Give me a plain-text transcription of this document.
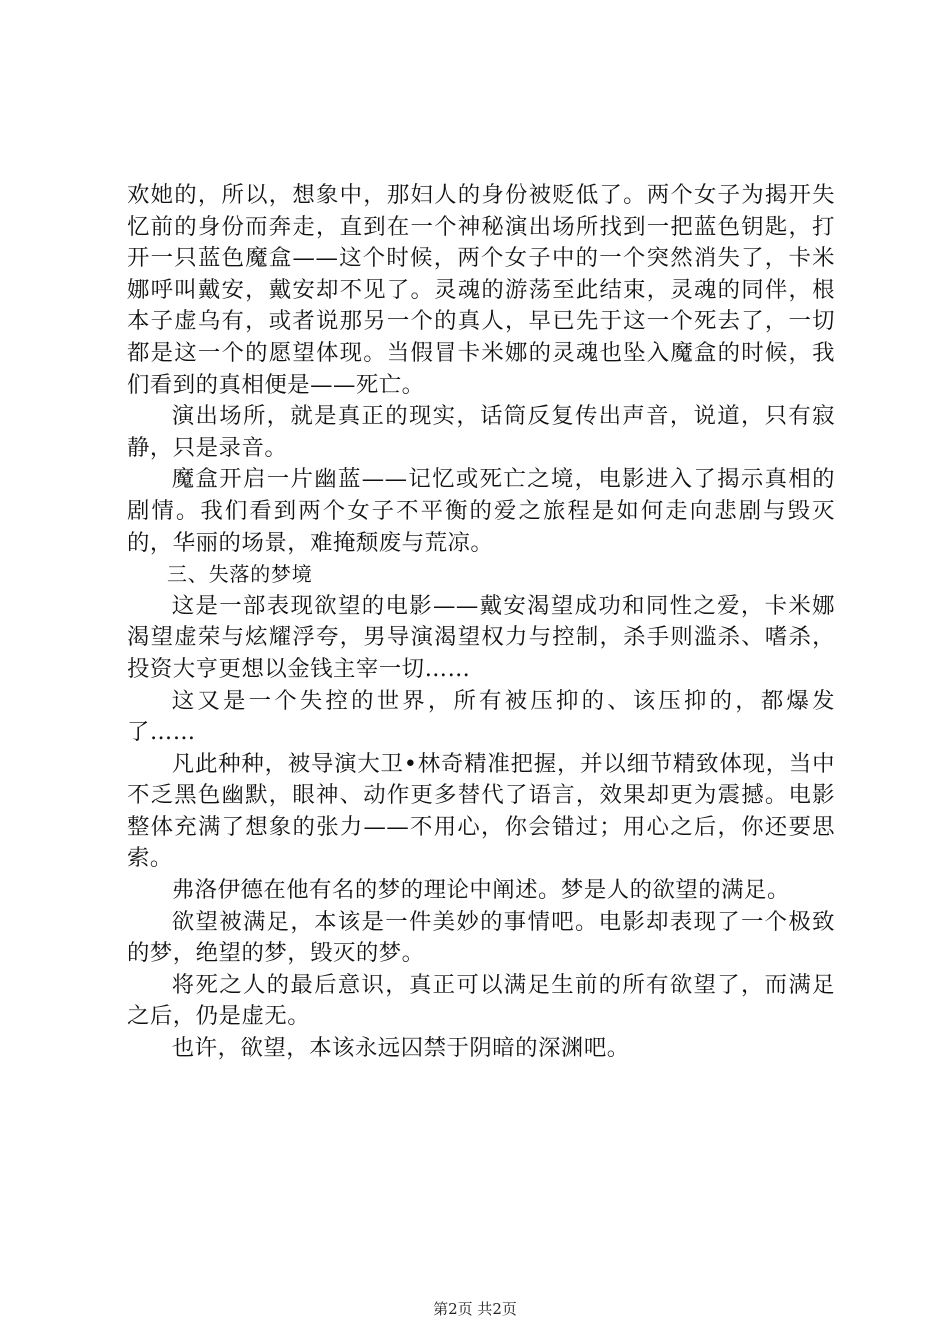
欢她的，所以，想象中，那妇人的身份被贬低了。两个女子为揭开失忆前的身份而奔走，直到在一个神秘演出场所找到一把蓝色钥匙，打开一只蓝色魔盒——这个时候，两个女子中的一个突然消失了，卡米娜呼叫戴安，戴安却不见了。灵魂的游荡至此结束，灵魂的同伴，根本子虚乌有，或者说那另一个的真人，早已先于这一个死去了，一切都是这一个的愿望体现。当假冒卡米娜的灵魂也坠入魔盒的时候，我们看到的真相便是——死亡。

演出场所，就是真正的现实，话筒反复传出声音，说道，只有寂静，只是录音。

魔盒开启一片幽蓝——记忆或死亡之境，电影进入了揭示真相的剧情。我们看到两个女子不平衡的爱之旅程是如何走向悲剧与毁灭的，华丽的场景，难掩颓废与荒凉。

三、失落的梦境

这是一部表现欲望的电影——戴安渴望成功和同性之爱，卡米娜渴望虚荣与炫耀浮夸，男导演渴望权力与控制，杀手则滥杀、嗜杀，投资大亨更想以金钱主宰一切……

这又是一个失控的世界，所有被压抑的、该压抑的，都爆发了……

凡此种种，被导演大卫•林奇精准把握，并以细节精致体现，当中不乏黑色幽默，眼神、动作更多替代了语言，效果却更为震撼。电影整体充满了想象的张力——不用心，你会错过；用心之后，你还要思索。

弗洛伊德在他有名的梦的理论中阐述。梦是人的欲望的满足。

欲望被满足，本该是一件美妙的事情吧。电影却表现了一个极致的梦，绝望的梦，毁灭的梦。

将死之人的最后意识，真正可以满足生前的所有欲望了，而满足之后，仍是虚无。

也许，欲望，本该永远囚禁于阴暗的深渊吧。

第2页 共2页
